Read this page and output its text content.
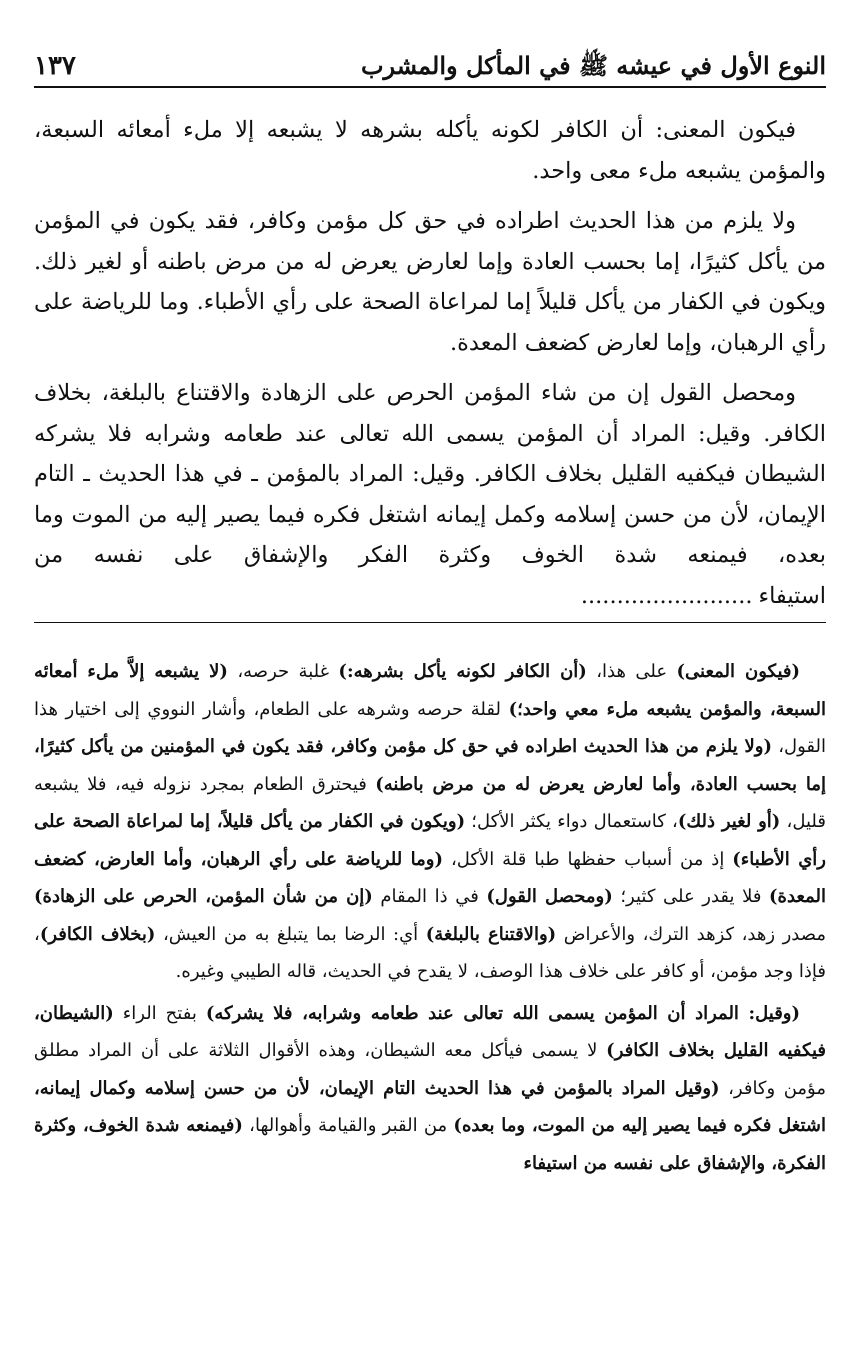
النوع الأول في عيشه ﷺ في المأكل والمشرب
١٣٧

فيكون المعنى: أن الكافر لكونه يأكله بشرهه لا يشبعه إلا ملء أمعائه السبعة، والمؤمن يشبعه ملء معى واحد.

ولا يلزم من هذا الحديث اطراده في حق كل مؤمن وكافر، فقد يكون في المؤمن من يأكل كثيرًا، إما بحسب العادة وإما لعارض يعرض له من مرض باطنه أو لغير ذلك. ويكون في الكفار من يأكل قليلاً إما لمراعاة الصحة على رأي الأطباء. وما للرياضة على رأي الرهبان، وإما لعارض كضعف المعدة.

ومحصل القول إن من شاء المؤمن الحرص على الزهادة والاقتناع بالبلغة، بخلاف الكافر. وقيل: المراد أن المؤمن يسمى الله تعالى عند طعامه وشرابه فلا يشركه الشيطان فيكفيه القليل بخلاف الكافر. وقيل: المراد بالمؤمن ـ في هذا الحديث ـ التام الإيمان، لأن من حسن إسلامه وكمل إيمانه اشتغل فكره فيما يصير إليه من الموت وما بعده، فيمنعه شدة الخوف وكثرة الفكر والإشفاق على نفسه من استيفاء........................

(فيكون المعنى) على هذا، (أن الكافر لكونه يأكل بشرهه:) غلبة حرصه، (لا يشبعه إلاَّ ملء أمعائه السبعة، والمؤمن يشبعه ملء معي واحد؛) لقلة حرصه وشرهه على الطعام، وأشار النووي إلى اختيار هذا القول، (ولا يلزم من هذا الحديث اطراده في حق كل مؤمن وكافر، فقد يكون في المؤمنين من يأكل كثيرًا، إما بحسب العادة، وأما لعارض يعرض له من مرض باطنه) فيحترق الطعام بمجرد نزوله فيه، فلا يشبعه قليل، (أو لغير ذلك)، كاستعمال دواء يكثر الأكل؛ (ويكون في الكفار من يأكل قليلاً، إما لمراعاة الصحة على رأي الأطباء) إذ من أسباب حفظها طبا قلة الأكل، (وما للرياضة على رأي الرهبان، وأما العارض، كضعف المعدة) فلا يقدر على كثير؛ (ومحصل القول) في ذا المقام (إن من شأن المؤمن، الحرص على الزهادة) مصدر زهد، كزهد الترك، والأعراض (والاقتناع بالبلغة) أي: الرضا بما يتبلغ به من العيش، (بخلاف الكافر)، فإذا وجد مؤمن، أو كافر على خلاف هذا الوصف، لا يقدح في الحديث، قاله الطيبي وغيره.

(وقيل: المراد أن المؤمن يسمى الله تعالى عند طعامه وشرابه، فلا يشركه) بفتح الراء (الشيطان، فيكفيه القليل بخلاف الكافر) لا يسمى فيأكل معه الشيطان، وهذه الأقوال الثلاثة على أن المراد مطلق مؤمن وكافر، (وقيل المراد بالمؤمن في هذا الحديث التام الإيمان، لأن من حسن إسلامه وكمال إيمانه، اشتغل فكره فيما يصير إليه من الموت، وما بعده) من القبر والقيامة وأهوالها، (فيمنعه شدة الخوف، وكثرة الفكرة، والإشفاق على نفسه من استيفاء
